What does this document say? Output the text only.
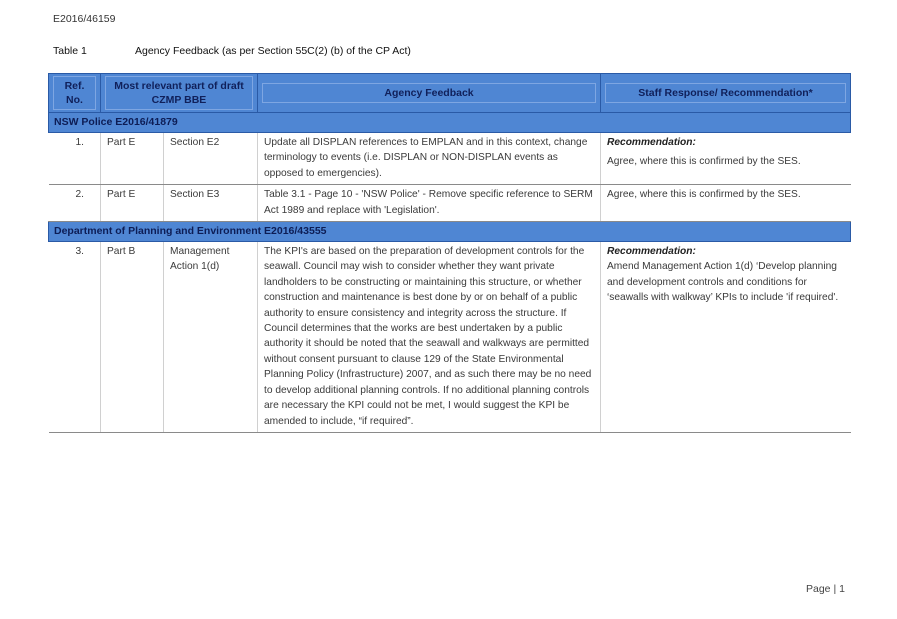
E2016/46159
Table 1	Agency Feedback (as per Section 55C(2) (b) of the CP Act)
Ref. No.	Most relevant part of draft CZMP BBE		Agency Feedback	Staff Response/ Recommendation*

NSW Police E2016/41879				
1.	Part E	Section E2	Update all DISPLAN references to EMPLAN and in this context, change terminology to events (i.e. DISPLAN or NON-DISPLAN events as opposed to emergencies).	Recommendation:
Agree, where this is confirmed by the SES.
2.	Part E	Section E3	Table 3.1 - Page 10 - 'NSW Police' - Remove specific reference to SERM Act 1989 and replace with 'Legislation'.	Agree, where this is confirmed by the SES.
Department of Planning and Environment E2016/43555				
3.	Part B	Management Action 1(d)	The KPI's are based on the preparation of development controls for the seawall. Council may wish to consider whether they want private landholders to be constructing or maintaining this structure, or whether construction and maintenance is best done by or on behalf of a public authority to ensure consistency and integrity across the structure. If Council determines that the works are best undertaken by a public authority it should be noted that the seawall and walkways are permitted without consent pursuant to clause 129 of the State Environmental Planning Policy (Infrastructure) 2007, and as such there may be no need to develop additional planning controls. If no additional planning controls are necessary the KPI could not be met, I would suggest the KPI be amended to include, “if required”.	Recommendation:
Amend Management Action 1(d) ‘Develop planning and development controls and conditions for ‘seawalls with walkway’ KPIs to include 'if required'.
Page | 1
